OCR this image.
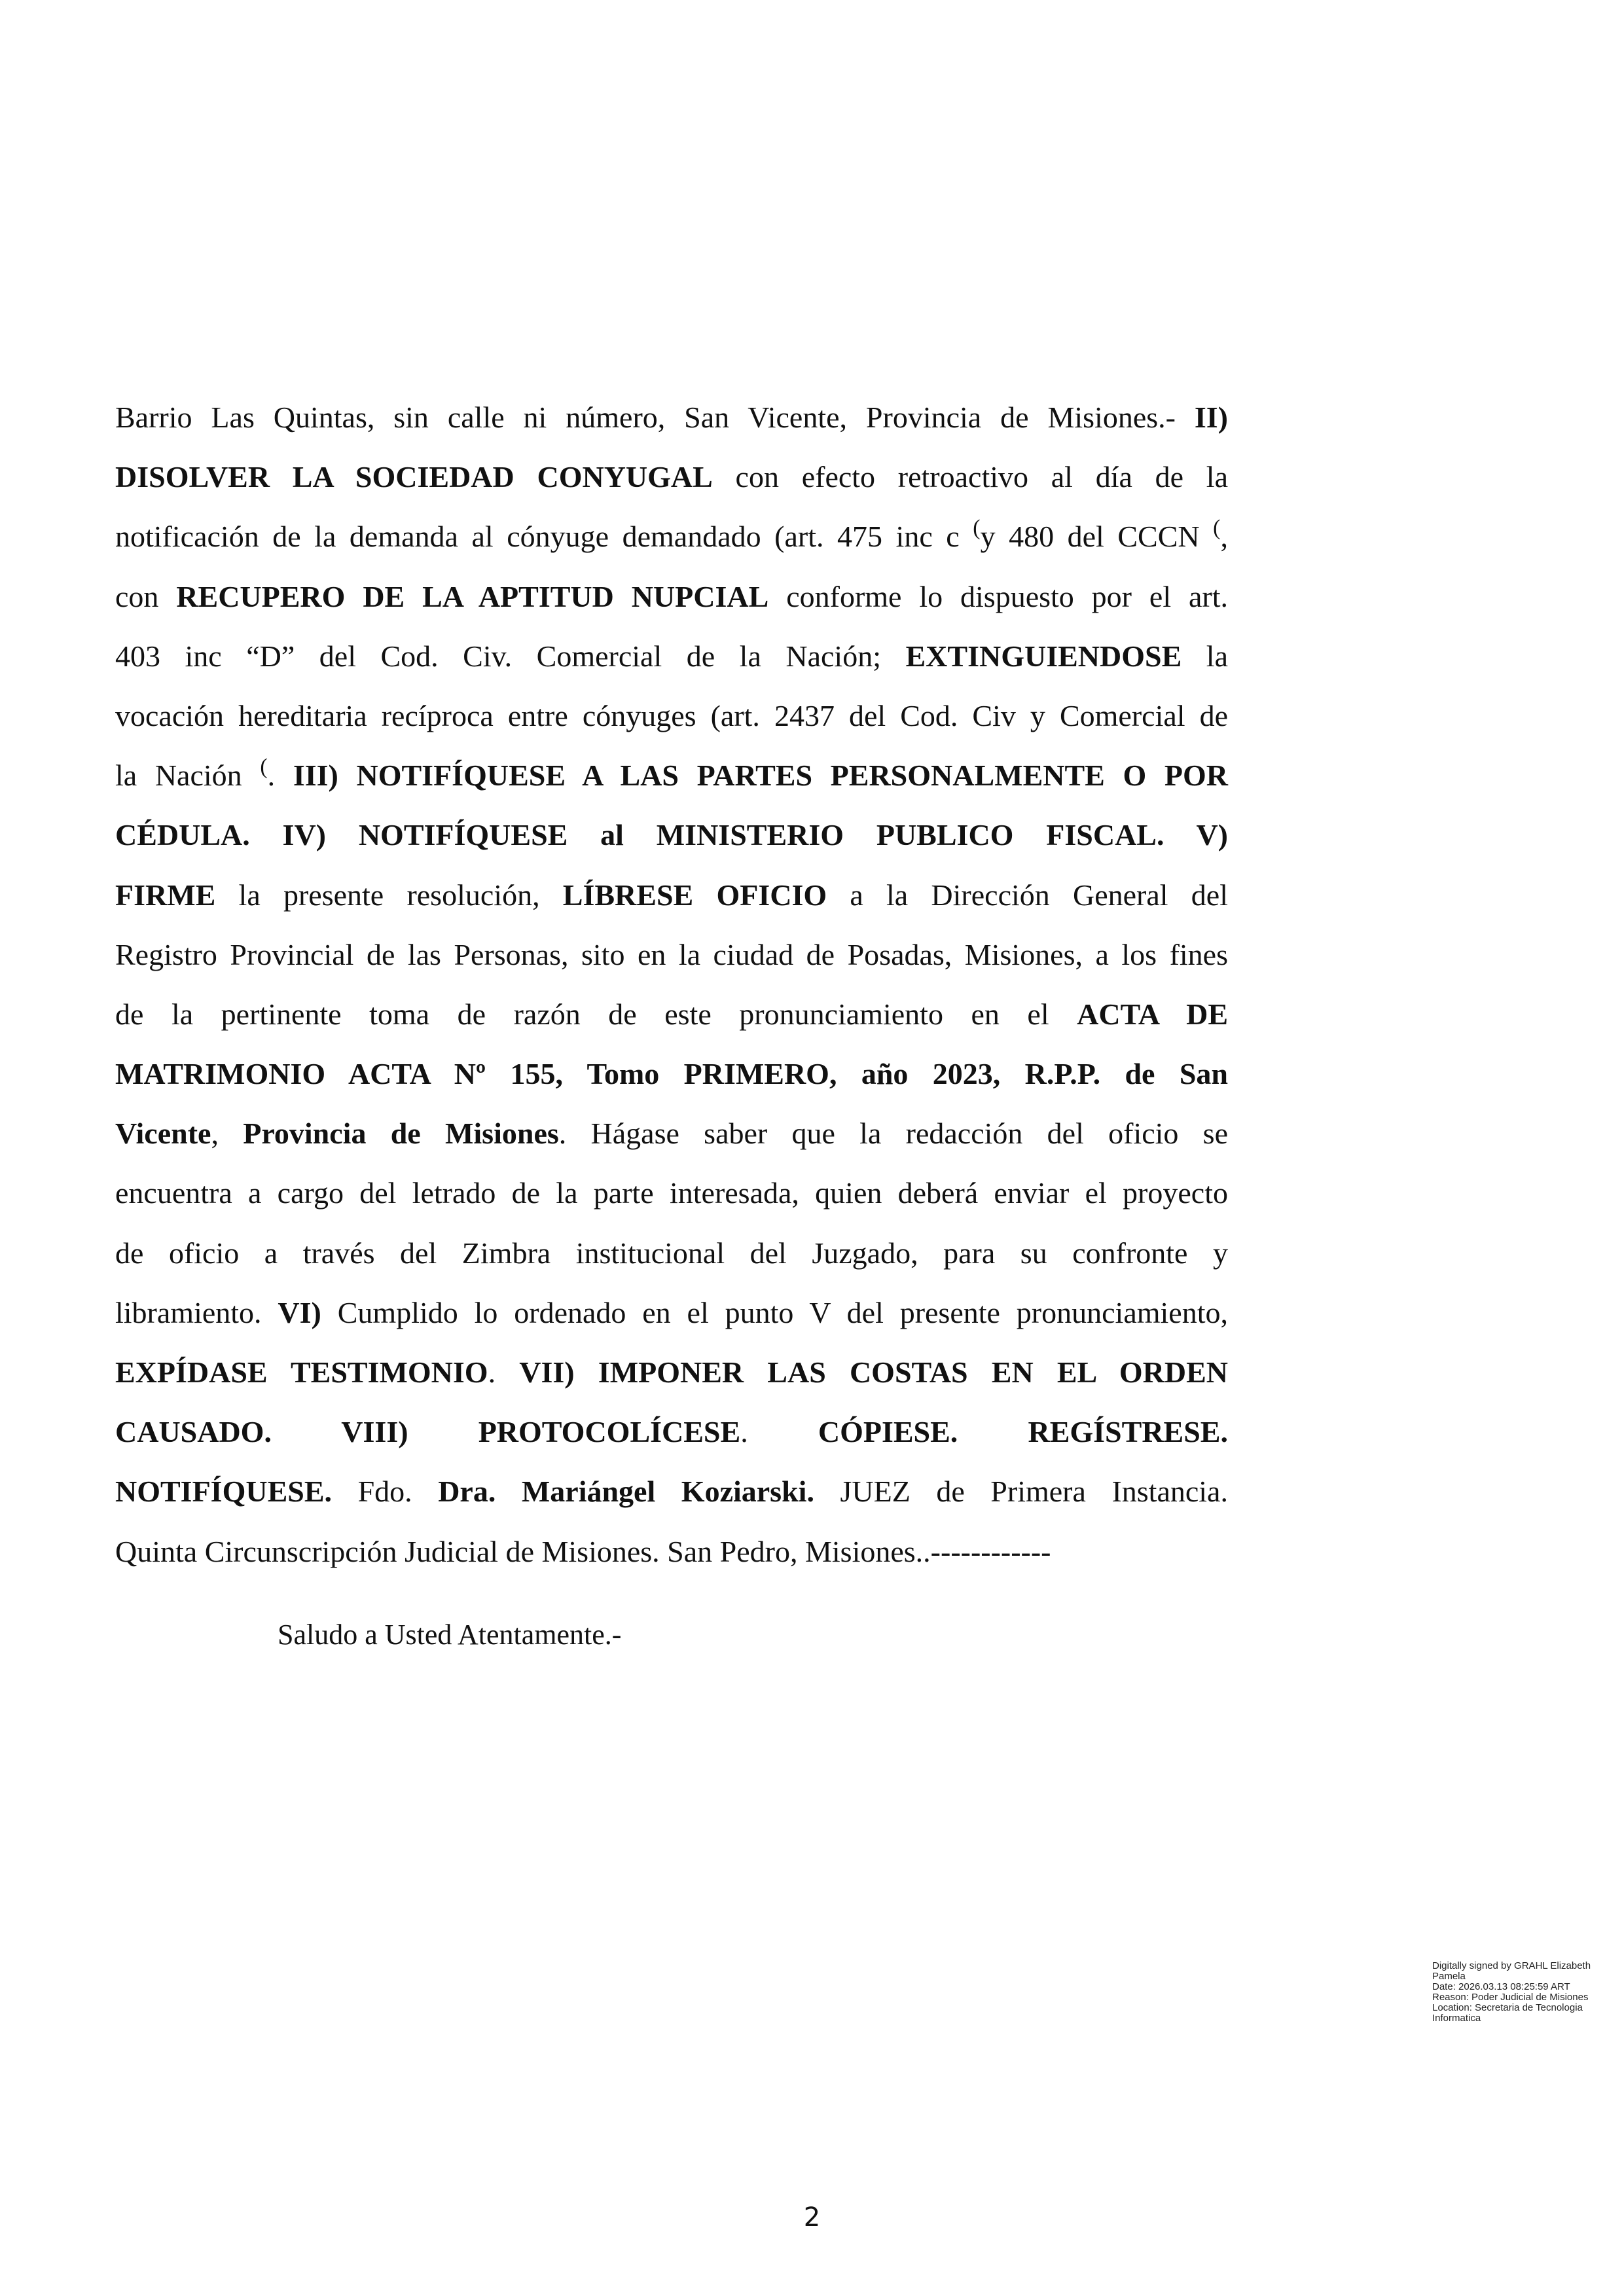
Barrio Las Quintas, sin calle ni número, San Vicente, Provincia de Misiones.- II)
DISOLVER LA SOCIEDAD CONYUGAL con efecto retroactivo al día de la
notificación de la demanda al cónyuge demandado (art. 475 inc c (y 480 del CCCN (,
con RECUPERO DE LA APTITUD NUPCIAL conforme lo dispuesto por el art.
403 inc “D” del Cod. Civ. Comercial de la Nación; EXTINGUIENDOSE la
vocación hereditaria recíproca entre cónyuges (art. 2437 del Cod. Civ y Comercial de
la Nación (. III) NOTIFÍQUESE A LAS PARTES PERSONALMENTE O POR
CÉDULA. IV) NOTIFÍQUESE al MINISTERIO PUBLICO FISCAL. V)
FIRME la presente resolución, LÍBRESE OFICIO a la Dirección General del
Registro Provincial de las Personas, sito en la ciudad de Posadas, Misiones, a los fines
de la pertinente toma de razón de este pronunciamiento en el ACTA DE
MATRIMONIO ACTA Nº 155, Tomo PRIMERO, año 2023, R.P.P. de San
Vicente, Provincia de Misiones. Hágase saber que la redacción del oficio se
encuentra a cargo del letrado de la parte interesada, quien deberá enviar el proyecto
de oficio a través del Zimbra institucional del Juzgado, para su confronte y
libramiento. VI) Cumplido lo ordenado en el punto V del presente pronunciamiento,
EXPÍDASE TESTIMONIO. VII) IMPONER LAS COSTAS EN EL ORDEN
CAUSADO. VIII) PROTOCOLÍCESE. CÓPIESE. REGÍSTRESE.
NOTIFÍQUESE. Fdo. Dra. Mariángel Koziarski. JUEZ de Primera Instancia.
Quinta Circunscripción Judicial de Misiones. San Pedro, Misiones..------------
Saludo a Usted Atentamente.-
Digitally signed by GRAHL Elizabeth
Pamela
Date: 2026.03.13 08:25:59 ART
Reason: Poder Judicial de Misiones
Location: Secretaria de Tecnologia
Informatica
2
